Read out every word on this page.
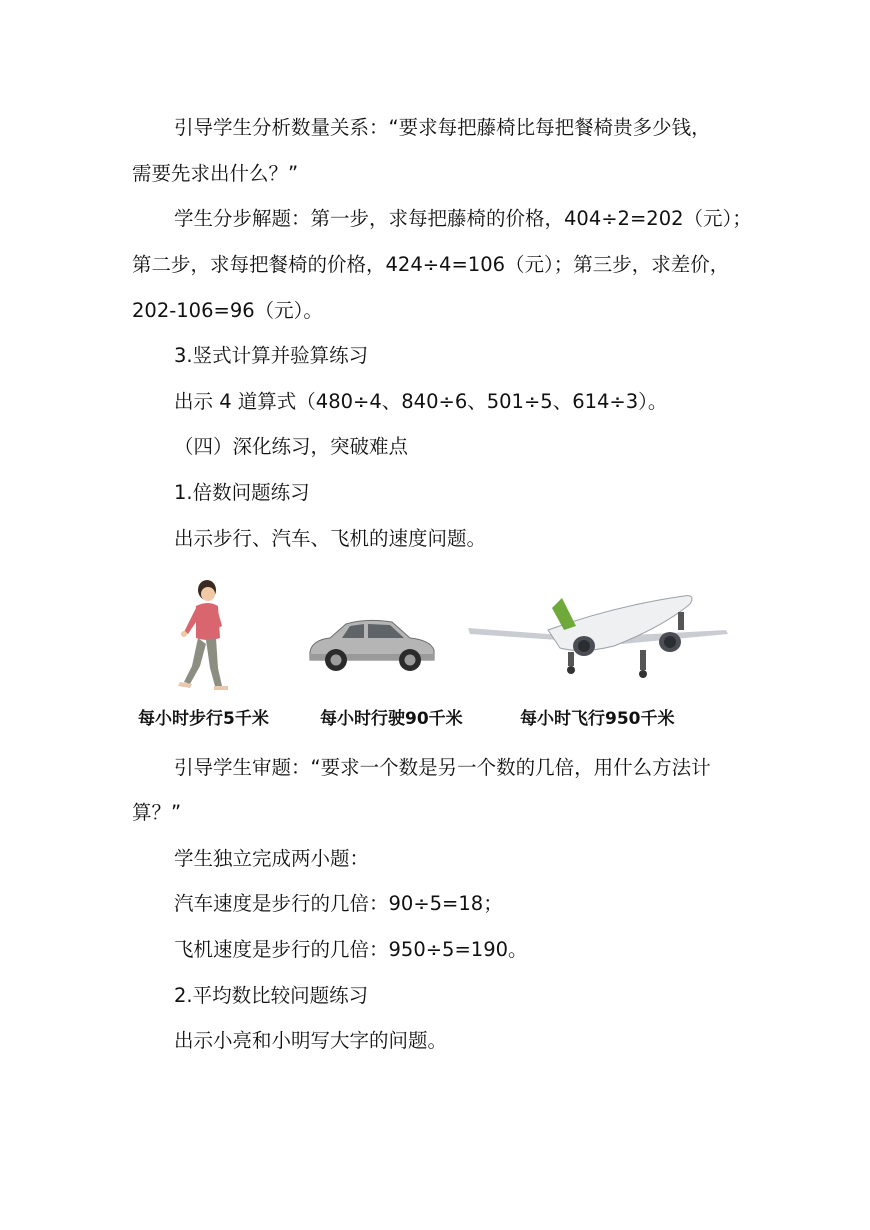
引导学生分析数量关系：“要求每把藤椅比每把餐椅贵多少钱，

需要先求出什么？”

学生分步解题：第一步，求每把藤椅的价格，404÷2=202（元）；

第二步，求每把餐椅的价格，424÷4=106（元）；第三步，求差价，

202-106=96（元）。

3.竖式计算并验算练习

出示 4 道算式（480÷4、840÷6、501÷5、614÷3）。

（四）深化练习，突破难点

1.倍数问题练习

出示步行、汽车、飞机的速度问题。

每小时步行5千米	每小时行驶90千米	每小时飞行950千米

引导学生审题：“要求一个数是另一个数的几倍，用什么方法计

算？”

学生独立完成两小题：

汽车速度是步行的几倍：90÷5=18；

飞机速度是步行的几倍：950÷5=190。

2.平均数比较问题练习

出示小亮和小明写大字的问题。
